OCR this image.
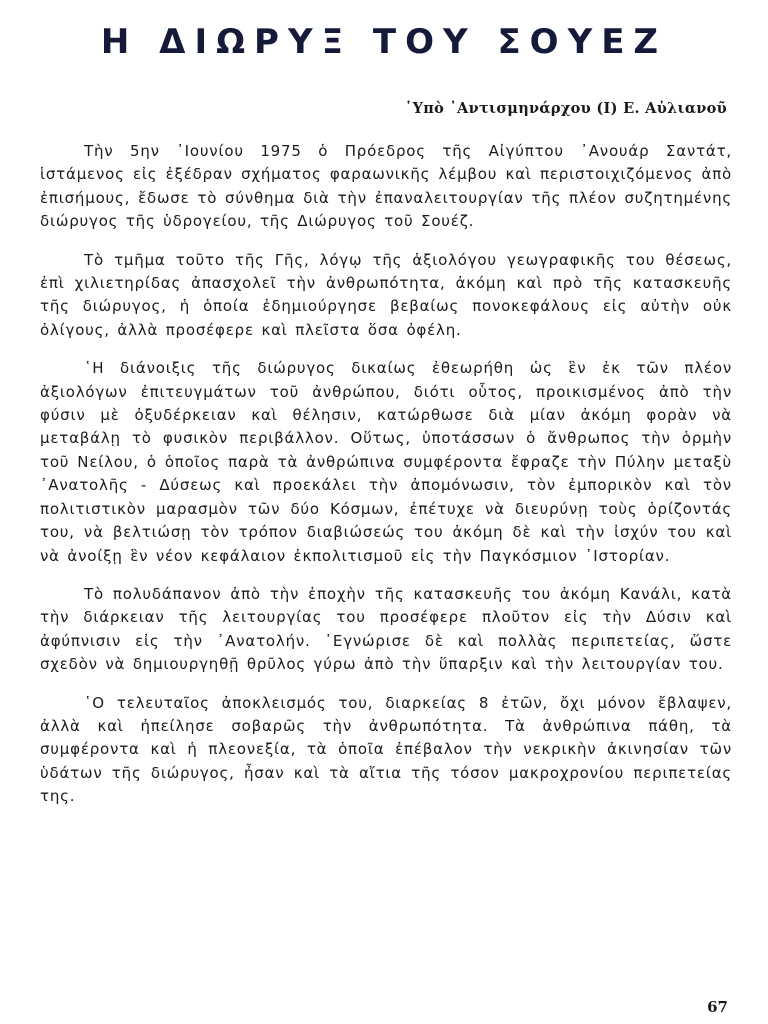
Η ΔΙΩΡΥΞ ΤΟΥ ΣΟΥΕΖ
῾Υπὸ ᾿Αντισμηνάρχου (Ι) Ε. Αὐλιανοῦ

Τὴν 5ην ᾿Ιουνίου 1975 ὁ Πρόεδρος τῆς Αἰγύπτου ᾿Ανουάρ Σαντάτ, ἱστάμενος εἰς ἐξέδραν σχήματος φαραωνικῆς λέμβου καὶ περιστοιχιζόμενος ἀπὸ ἐπισήμους, ἔδωσε τὸ σύνθημα διὰ τὴν ἐπαναλειτουργίαν τῆς πλέον συζητημένης διώρυγος τῆς ὑδρογείου, τῆς Διώρυγος τοῦ Σουέζ.

Τὸ τμῆμα τοῦτο τῆς Γῆς, λόγῳ τῆς ἀξιολόγου γεωγραφικῆς του θέσεως, ἐπὶ χιλιετηρίδας ἀπασχολεῖ τὴν ἀνθρωπότητα, ἀκόμη καὶ πρὸ τῆς κατασκευῆς τῆς διώρυγος, ἡ ὁποία ἐδημιούργησε βεβαίως πονοκεφάλους εἰς αὐτὴν οὐκ ὀλίγους, ἀλλὰ προσέφερε καὶ πλεῖστα ὅσα ὀφέλη.

῾Η διάνοιξις τῆς διώρυγος δικαίως ἐθεωρήθη ὡς ἓν ἐκ τῶν πλέον ἀξιολόγων ἐπιτευγμάτων τοῦ ἀνθρώπου, διότι οὗτος, προικισμένος ἀπὸ τὴν φύσιν μὲ ὀξυδέρκειαν καὶ θέλησιν, κατώρθωσε διὰ μίαν ἀκόμη φορὰν νὰ μεταβάλῃ τὸ φυσικὸν περιβάλλον. Οὕτως, ὑποτάσσων ὁ ἄνθρωπος τὴν ὁρμὴν τοῦ Νείλου, ὁ ὁποῖος παρὰ τὰ ἀνθρώπινα συμφέροντα ἔφραζε τὴν Πύλην μεταξὺ ᾿Ανατολῆς - Δύσεως καὶ προεκάλει τὴν ἀπομόνωσιν, τὸν ἐμπορικὸν καὶ τὸν πολιτιστικὸν μαρασμὸν τῶν δύο Κόσμων, ἐπέτυχε νὰ διευρύνῃ τοὺς ὁρίζοντάς του, νὰ βελτιώσῃ τὸν τρόπον διαβιώσεώς του ἀκόμη δὲ καὶ τὴν ἰσχύν του καὶ νὰ ἀνοίξῃ ἓν νέον κεφάλαιον ἐκπολιτισμοῦ εἰς τὴν Παγκόσμιον ῾Ιστορίαν.

Τὸ πολυδάπανον ἀπὸ τὴν ἐποχὴν τῆς κατασκευῆς του ἀκόμη Κανάλι, κατὰ τὴν διάρκειαν τῆς λειτουργίας του προσέφερε πλοῦτον εἰς τὴν Δύσιν καὶ ἀφύπνισιν εἰς τὴν ᾿Ανατολήν. ᾿Εγνώρισε δὲ καὶ πολλὰς περιπετείας, ὥστε σχεδὸν νὰ δημιουργηθῇ θρῦλος γύρω ἀπὸ τὴν ὕπαρξιν καὶ τὴν λειτουργίαν του.

῾Ο τελευταῖος ἀποκλεισμός του, διαρκείας 8 ἐτῶν, ὄχι μόνον ἔβλαψεν, ἀλλὰ καὶ ἠπείλησε σοβαρῶς τὴν ἀνθρωπότητα. Τὰ ἀνθρώπινα πάθη, τὰ συμφέροντα καὶ ἡ πλεονεξία, τὰ ὁποῖα ἐπέβαλον τὴν νεκρικὴν ἀκινησίαν τῶν ὑδάτων τῆς διώρυγος, ἦσαν καὶ τὰ αἴτια τῆς τόσον μακροχρονίου περιπετείας της.

67
